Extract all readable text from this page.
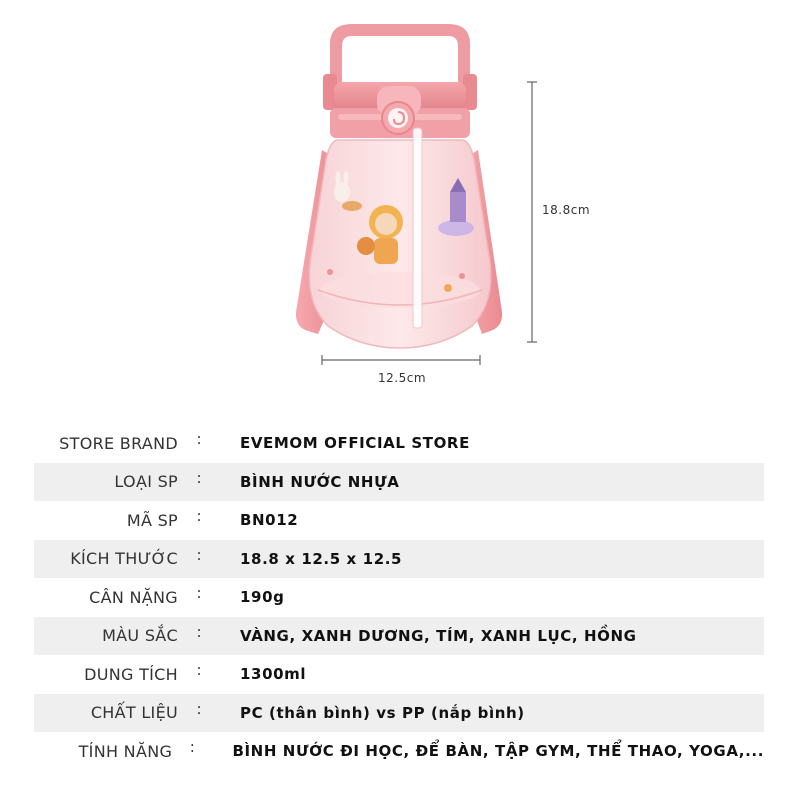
18.8cm
12.5cm
STORE BRAND	:	EVEMOM OFFICIAL STORE
LOẠI SP	:	BÌNH NƯỚC NHỰA
MÃ SP	:	BN012
KÍCH THƯỚC	:	18.8 x 12.5 x 12.5
CÂN NẶNG	:	190g
MÀU SẮC	:	VÀNG, XANH DƯƠNG, TÍM, XANH LỤC, HỒNG
DUNG TÍCH	:	1300ml
CHẤT LIỆU	:	PC (thân bình) vs PP (nắp bình)
TÍNH NĂNG	:	BÌNH NƯỚC ĐI HỌC, ĐỂ BÀN, TẬP GYM, THỂ THAO, YOGA,...
